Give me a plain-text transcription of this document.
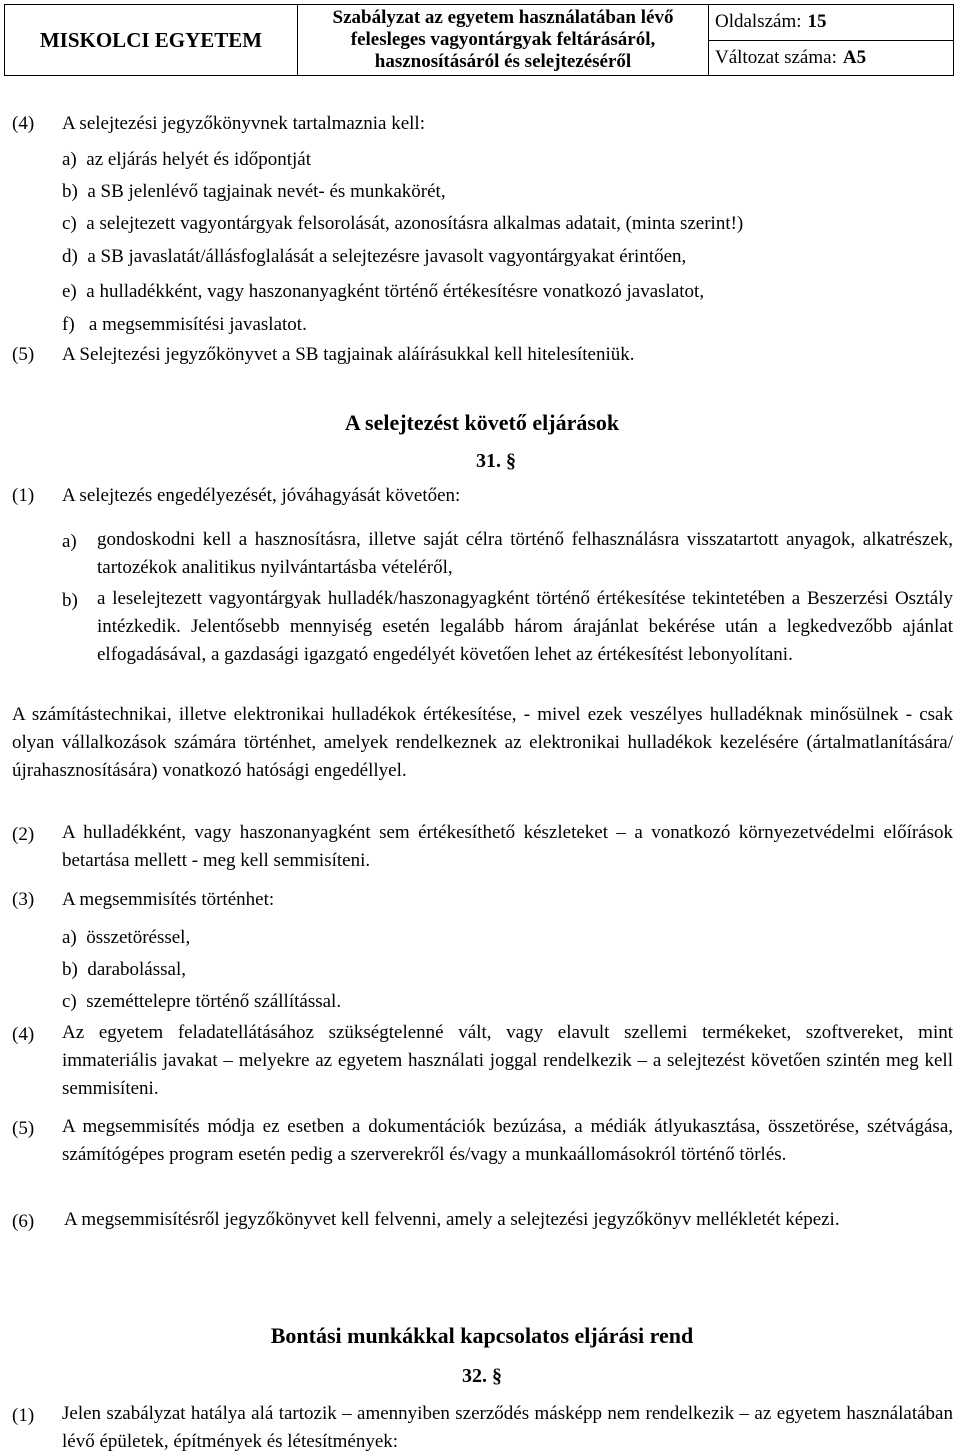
MISKOLCI EGYETEM
Szabályzat az egyetem használatában lévő
felesleges vagyontárgyak feltárásáról,
hasznosításáról és selejtezéséről
Oldalszám: 15
Változat száma: A5
(4) A selejtezési jegyzőkönyvnek tartalmaznia kell:
a)  az eljárás helyét és időpontját
b)  a SB jelenlévő tagjainak nevét- és munkakörét,
c)  a selejtezett vagyontárgyak felsorolását, azonosításra alkalmas adatait, (minta szerint!)
d)  a SB javaslatát/állásfoglalását a selejtezésre javasolt vagyontárgyakat érintően,
e)  a hulladékként, vagy haszonanyagként történő értékesítésre vonatkozó javaslatot,
f)   a megsemmisítési javaslatot.
(5) A Selejtezési jegyzőkönyvet a SB tagjainak aláírásukkal kell hitelesíteniük.
A selejtezést követő eljárások
31. §
(1) A selejtezés engedélyezését, jóváhagyását követően:
a) gondoskodni kell a hasznosításra, illetve saját célra történő felhasználásra visszatartott anyagok, alkatrészek, tartozékok analitikus nyilvántartásba vételéről,
b) a leselejtezett vagyontárgyak hulladék/haszonagyagként történő értékesítése tekintetében a Beszerzési Osztály intézkedik. Jelentősebb mennyiség esetén legalább három árajánlat bekérése után a legkedvezőbb ajánlat elfogadásával, a gazdasági igazgató engedélyét követően lehet az értékesítést lebonyolítani.
A számítástechnikai, illetve elektronikai hulladékok értékesítése, - mivel ezek veszélyes hulladéknak minősülnek - csak olyan vállalkozások számára történhet, amelyek rendelkeznek az elektronikai hulladékok kezelésére (ártalmatlanítására/ újrahasznosítására) vonatkozó hatósági engedéllyel.
(2) A hulladékként, vagy haszonanyagként sem értékesíthető készleteket – a vonatkozó környezetvédelmi előírások betartása mellett - meg kell semmisíteni.
(3) A megsemmisítés történhet:
a)  összetöréssel,
b)  darabolással,
c)  szeméttelepre történő szállítással.
(4) Az egyetem feladatellátásához szükségtelenné vált, vagy elavult szellemi termékeket, szoftvereket, mint immateriális javakat – melyekre az egyetem használati joggal rendelkezik – a selejtezést követően szintén meg kell semmisíteni.
(5) A megsemmisítés módja ez esetben a dokumentációk bezúzása, a médiák átlyukasztása, összetörése, szétvágása, számítógépes program esetén pedig a szerverekről és/vagy a munkaállomásokról történő törlés.
(6) A megsemmisítésről jegyzőkönyvet kell felvenni, amely a selejtezési jegyzőkönyv mellékletét képezi.
Bontási munkákkal kapcsolatos eljárási rend
32. §
(1) Jelen szabályzat hatálya alá tartozik – amennyiben szerződés másképp nem rendelkezik – az egyetem használatában lévő épületek, építmények és létesítmények:
